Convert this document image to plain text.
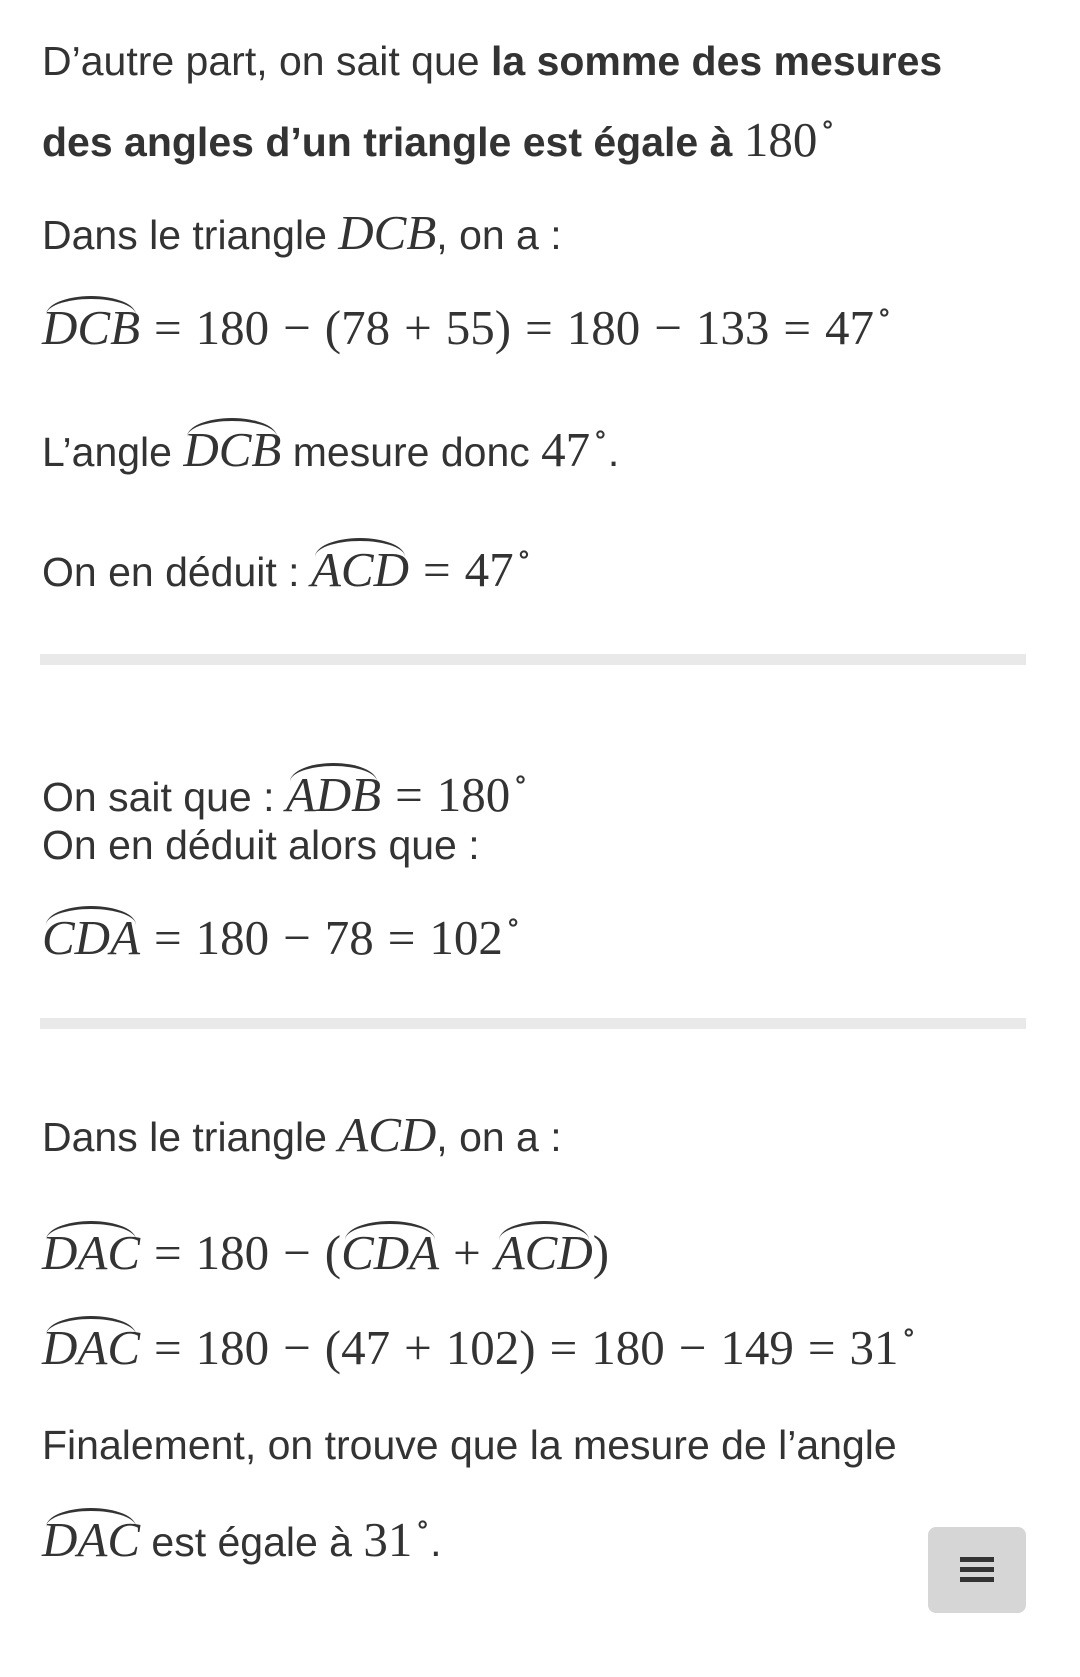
D’autre part, on sait que la somme des mesures
des angles d’un triangle est égale à 180 ∘
Dans le triangle DCB, on a :
DCB = 180 − (78 + 55) = 180 − 133 = 47 ∘
L’angle DCB mesure donc 47 ∘.
On en déduit : ACD = 47 ∘
On sait que : ADB = 180 ∘
On en déduit alors que :
CDA = 180 − 78 = 102 ∘
Dans le triangle ACD, on a :
DAC = 180 − (CDA + ACD)
DAC = 180 − (47 + 102) = 180 − 149 = 31 ∘
Finalement, on trouve que la mesure de l’angle
DAC est égale à 31 ∘.
